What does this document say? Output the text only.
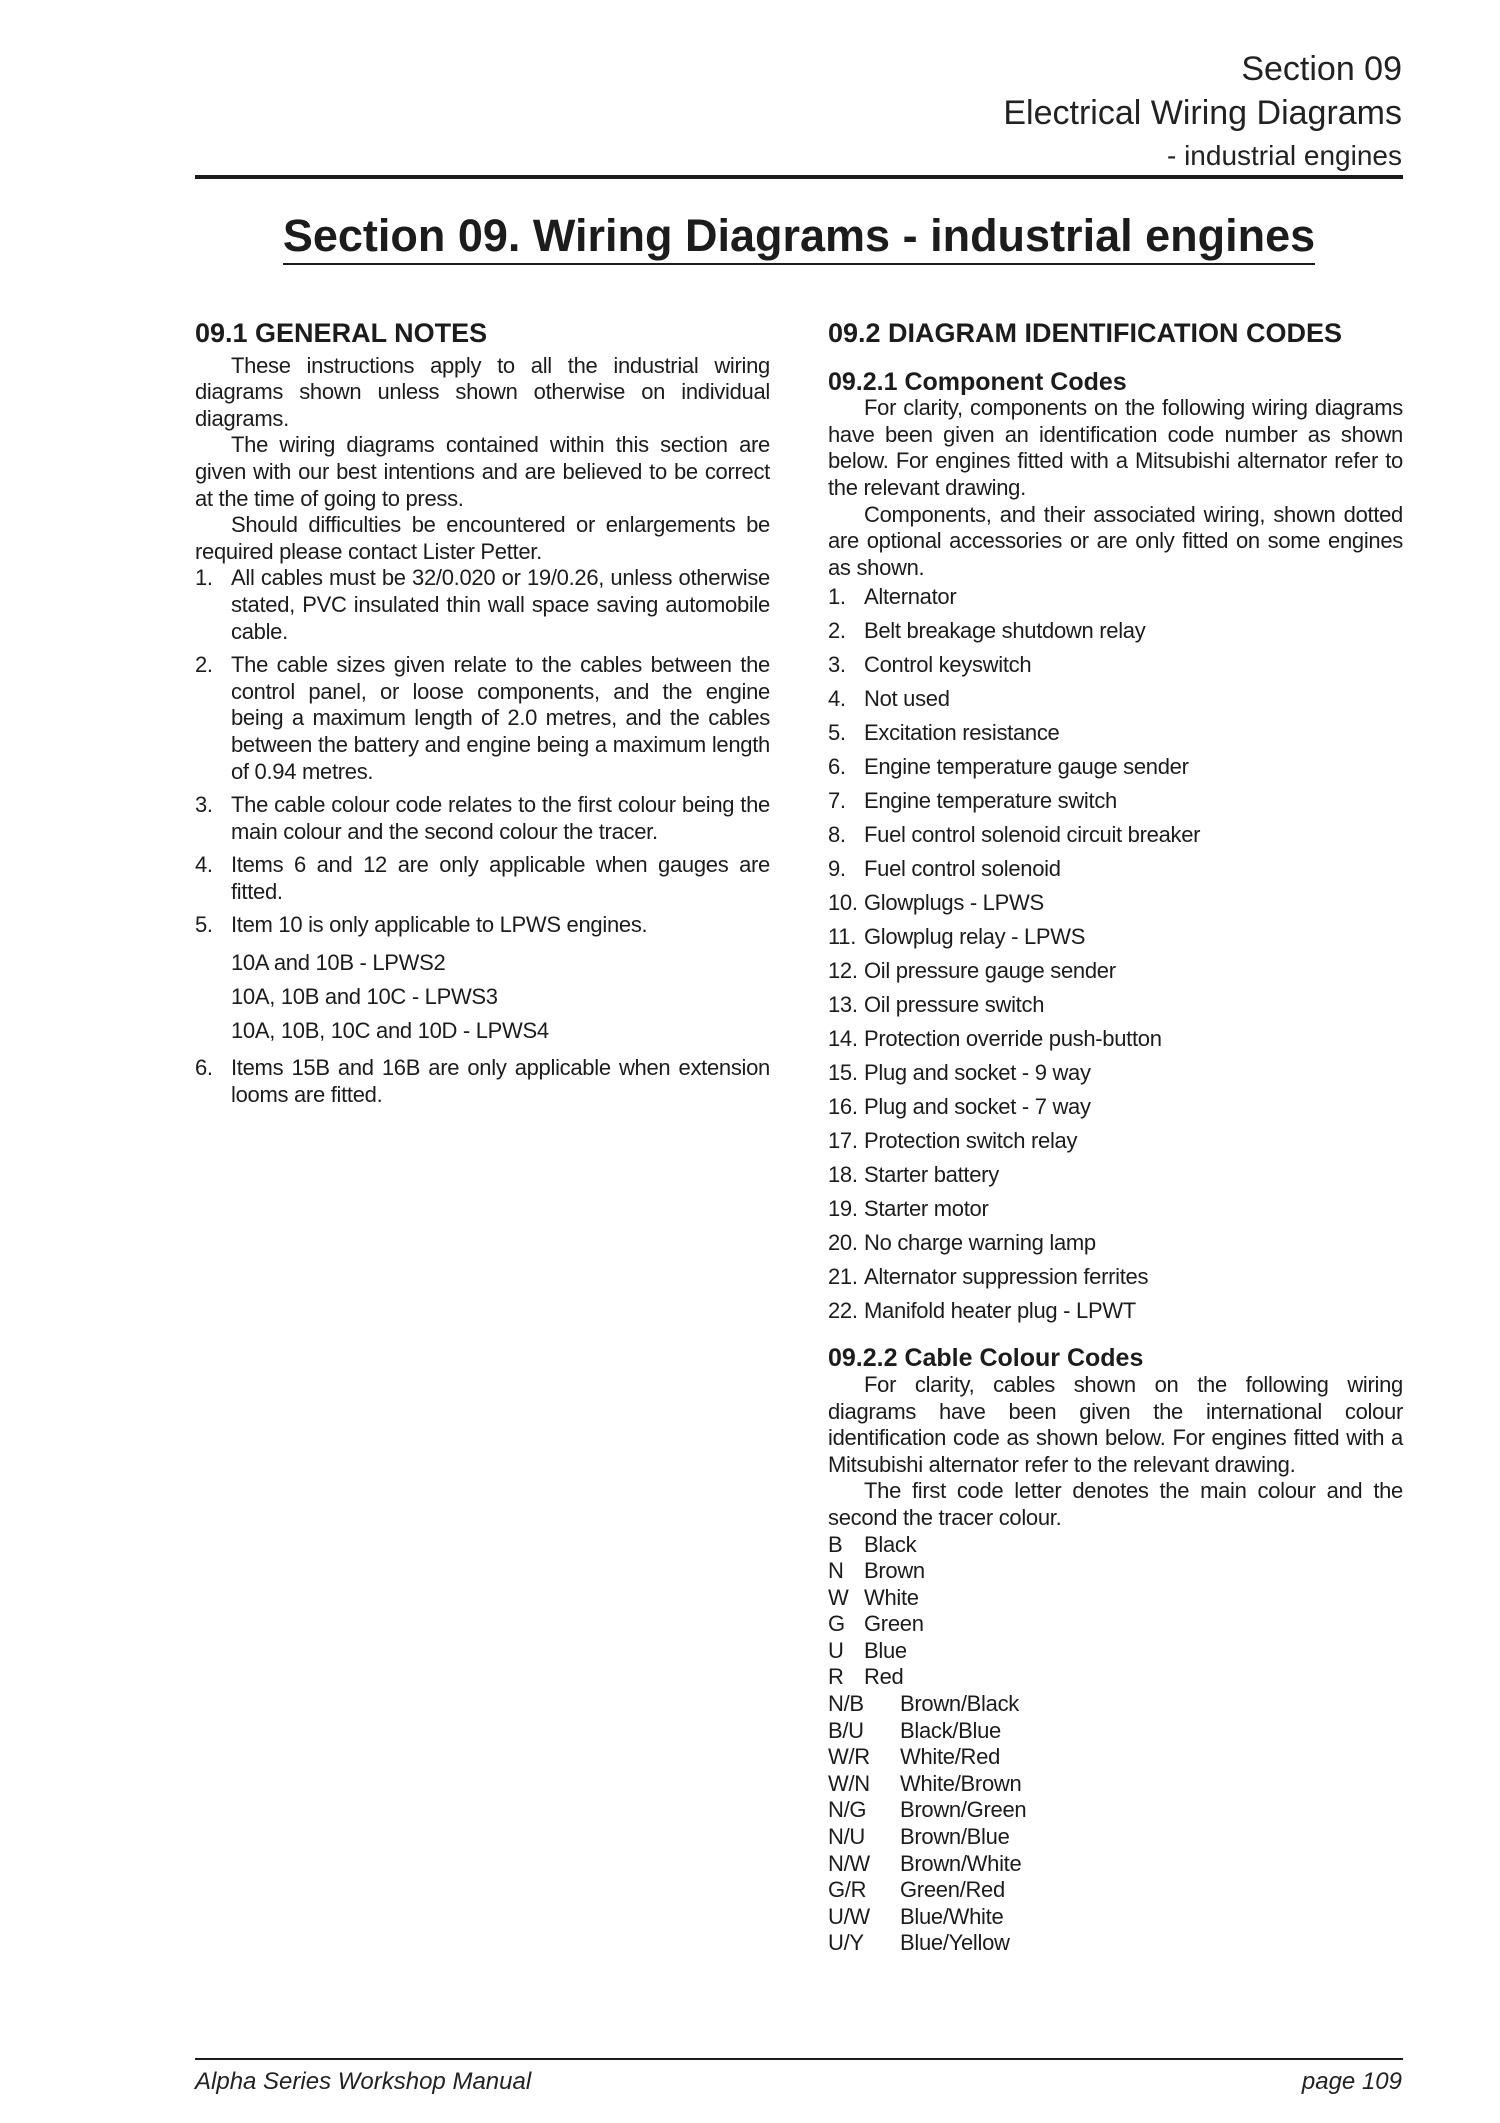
Section 09
Electrical Wiring Diagrams
- industrial engines
Section 09. Wiring Diagrams - industrial engines
09.1 GENERAL NOTES

These instructions apply to all the industrial wiring diagrams shown unless shown otherwise on individual diagrams.

The wiring diagrams contained within this section are given with our best intentions and are believed to be correct at the time of going to press.

Should difficulties be encountered or enlargements be required please contact Lister Petter.

1. All cables must be 32/0.020 or 19/0.26, unless otherwise stated, PVC insulated thin wall space saving automobile cable.
2. The cable sizes given relate to the cables between the control panel, or loose components, and the engine being a maximum length of 2.0 metres, and the cables between the battery and engine being a maximum length of 0.94 metres.
3. The cable colour code relates to the first colour being the main colour and the second colour the tracer.
4. Items 6 and 12 are only applicable when gauges are fitted.
5. Item 10 is only applicable to LPWS engines.
10A and 10B - LPWS2
10A, 10B and 10C - LPWS3
10A, 10B, 10C and 10D - LPWS4
6. Items 15B and 16B are only applicable when extension looms are fitted.
09.2 DIAGRAM IDENTIFICATION CODES
09.2.1 Component Codes

For clarity, components on the following wiring diagrams have been given an identification code number as shown below. For engines fitted with a Mitsubishi alternator refer to the relevant drawing.

Components, and their associated wiring, shown dotted are optional accessories or are only fitted on some engines as shown.

1. Alternator
2. Belt breakage shutdown relay
3. Control keyswitch
4. Not used
5. Excitation resistance
6. Engine temperature gauge sender
7. Engine temperature switch
8. Fuel control solenoid circuit breaker
9. Fuel control solenoid
10. Glowplugs - LPWS
11. Glowplug relay - LPWS
12. Oil pressure gauge sender
13. Oil pressure switch
14. Protection override push-button
15. Plug and socket - 9 way
16. Plug and socket - 7 way
17. Protection switch relay
18. Starter battery
19. Starter motor
20. No charge warning lamp
21. Alternator suppression ferrites
22. Manifold heater plug - LPWT
09.2.2 Cable Colour Codes

For clarity, cables shown on the following wiring diagrams have been given the international colour identification code as shown below. For engines fitted with a Mitsubishi alternator refer to the relevant drawing.

The first code letter denotes the main colour and the second the tracer colour.

B Black
N Brown
W White
G Green
U Blue
R Red
N/B Brown/Black
B/U Black/Blue
W/R White/Red
W/N White/Brown
N/G Brown/Green
N/U Brown/Blue
N/W Brown/White
G/R Green/Red
U/W Blue/White
U/Y Blue/Yellow
Alpha Series Workshop Manual	page 109
